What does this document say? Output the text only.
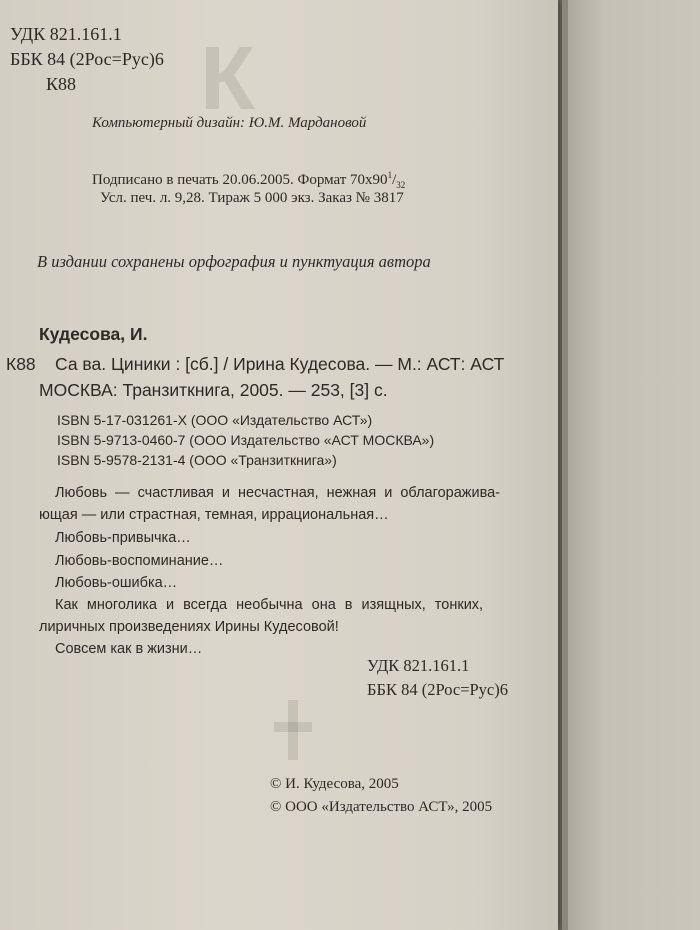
К
УДК 821.161.1
ББК 84 (2Рос=Рус)6
К88
Компьютерный дизайн: Ю.М. Мардановой
Подписано в печать 20.06.2005. Формат $70х90^1/_{32}$
Усл. печ. л. 9,28. Тираж 5 000 экз. Заказ № 3817
В издании сохранены орфография и пунктуация автора
Кудесова, И.
К88 Са ва. Циники : [сб.] / Ирина Кудесова. — М.: АСТ: АСТ
МОСКВА: Транзиткнига, 2005. — 253, [3] с.
ISBN 5-17-031261-Х (ООО «Издательство АСТ»)
ISBN 5-9713-0460-7 (ООО Издательство «АСТ МОСКВА»)
ISBN 5-9578-2131-4 (ООО «Транзиткнига»)
Любовь — счастливая и несчастная, нежная и облагоражива-
ющая — или страстная, темная, иррациональная…
Любовь-привычка…
Любовь-воспоминание…
Любовь-ошибка…
Как многолика и всегда необычна она в изящных, тонких,
лиричных произведениях Ирины Кудесовой!
Совсем как в жизни…
УДК 821.161.1
ББК 84 (2Рос=Рус)6
© И. Кудесова, 2005
© ООО «Издательство АСТ», 2005
